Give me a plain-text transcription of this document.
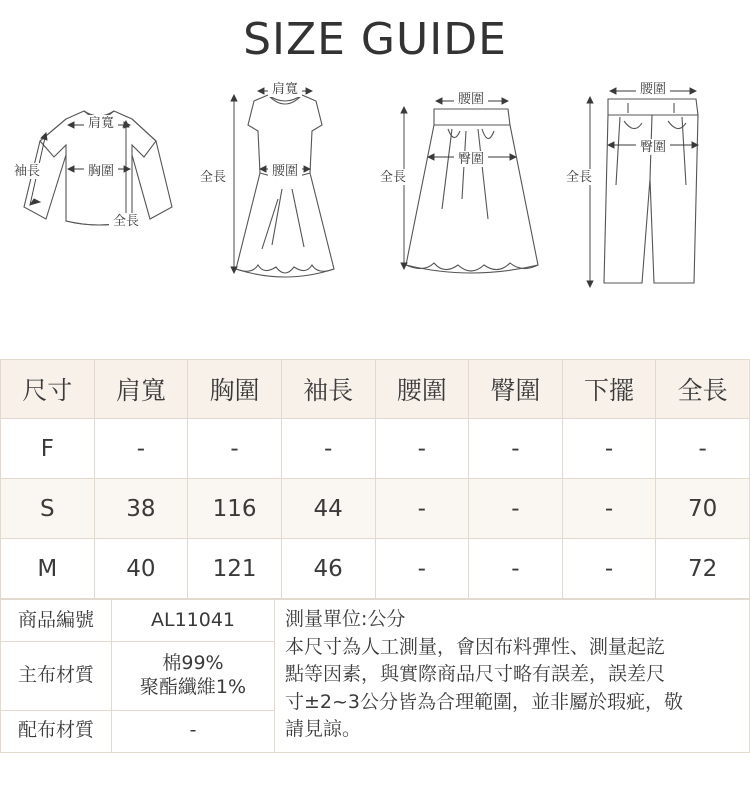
SIZE GUIDE
肩寬
袖長	胸圍
全長
肩寬
腰圍
全長
腰圍
臀圍
全長
腰圍
臀圍
全長
尺寸	肩寬	胸圍	袖長	腰圍	臀圍	下擺	全長
F	-	-	-	-	-	-	-
S	38	116	44	-	-	-	70
M	40	121	46	-	-	-	72
商品編號	AL11041	測量單位:公分
本尺寸為人工測量，會因布料彈性、測量起訖
點等因素，與實際商品尺寸略有誤差，誤差尺
寸±2~3公分皆為合理範圍，並非屬於瑕疵，敬
請見諒。

主布材質	棉99%
聚酯纖維1%	

配布材質	-	
